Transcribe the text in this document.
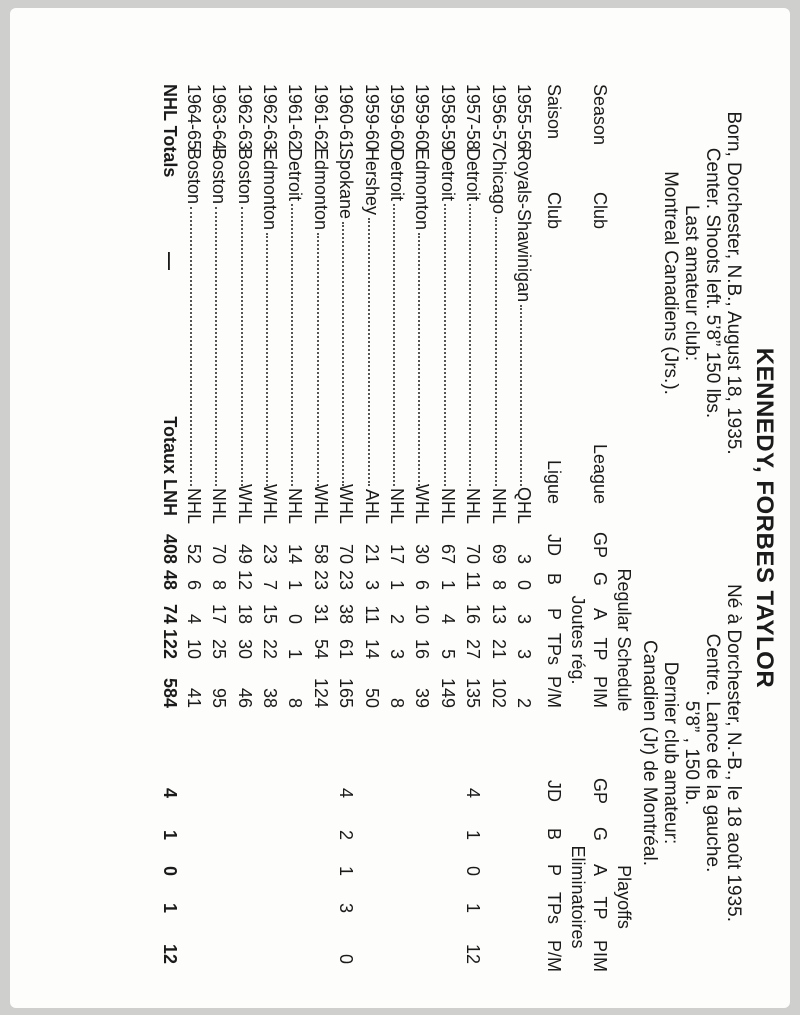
KENNEDY, FORBES TAYLOR
Born, Dorchester, N.B., August 18, 1935.
Center. Shoots left. 5’8” 150 lbs.
Last amateur club:
Montreal Canadiens (Jrs.).
Né à Dorchester, N.-B., le 18 août 1935.
Centre. Lance de la gauche.
5’8” , 150 lb.
Dernier club amateur:
Canadien (Jr) de Montréal.
Season
Saison
Club
Club
League
Ligue
Regular Schedule
Joutes rég.
Playoffs
Eliminatoires
GP
G
A
TP
PIM
JD
B
P
TPs
P/M
GP
G
A
TP
PIM
JD
B
P
TPs
P/M
1955-56
Royals-Shawinigan
QHL
3
0
3
3
2
1956-57
Chicago
NHL
69
8
13
21
102
1957-58
Detroit
NHL
70
11
16
27
135
4
1
0
1
12
1958-59
Detroit
NHL
67
1
4
5
149
1959-60
Edmonton
WHL
30
6
10
16
39
1959-60
Detroit
NHL
17
1
2
3
8
1959-60
Hershey
AHL
21
3
11
14
50
1960-61
Spokane
WHL
70
23
38
61
165
4
2
1
3
0
1961-62
Edmonton
WHL
58
23
31
54
124
1961-62
Detroit
NHL
14
1
0
1
8
1962-63
Edmonton
WHL
23
7
15
22
38
1962-63
Boston
WHL
49
12
18
30
46
1963-64
Boston
NHL
70
8
17
25
95
1964-65
Boston
NHL
52
6
4
10
41
NHL Totals
—
Totaux LNH
408
48
74
122
584
4
1
0
1
12
